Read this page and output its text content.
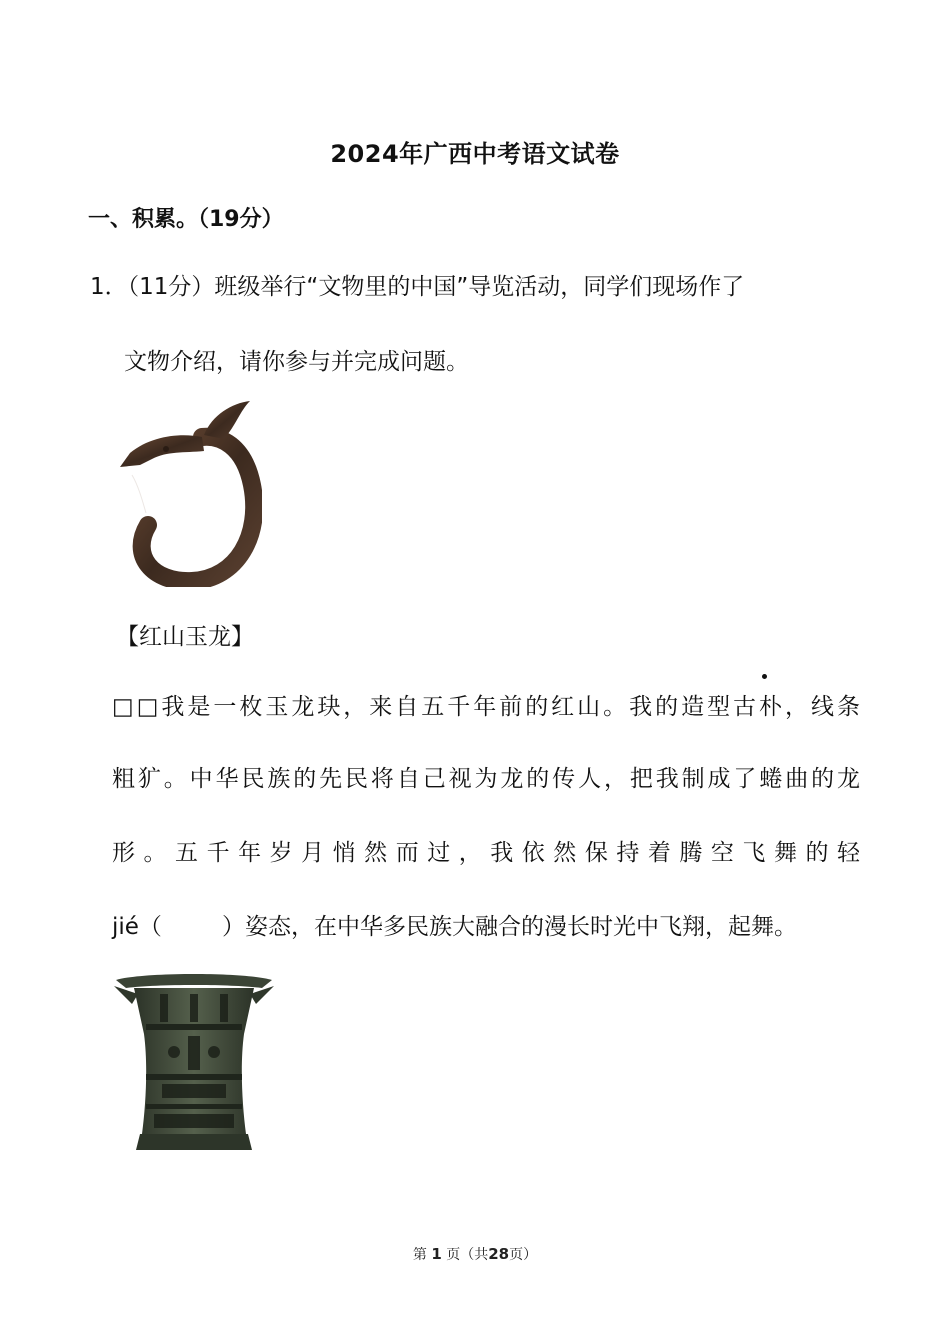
2024年广西中考语文试卷
一、积累。（19分）
1．（11分）班级举行“文物里的中国”导览活动，同学们现场作了
文物介绍，请你参与并完成问题。
【红山玉龙】
□□我是一枚玉龙玦，来自五千年前的红山。我的造型古朴，线条
粗犷。中华民族的先民将自己视为龙的传人，把我制成了蜷曲的龙
形。五千年岁月悄然而过，我依然保持着腾空飞舞的轻
jié（	）姿态，在中华多民族大融合的漫长时光中飞翔，起舞。
第 1 页（共28页）
